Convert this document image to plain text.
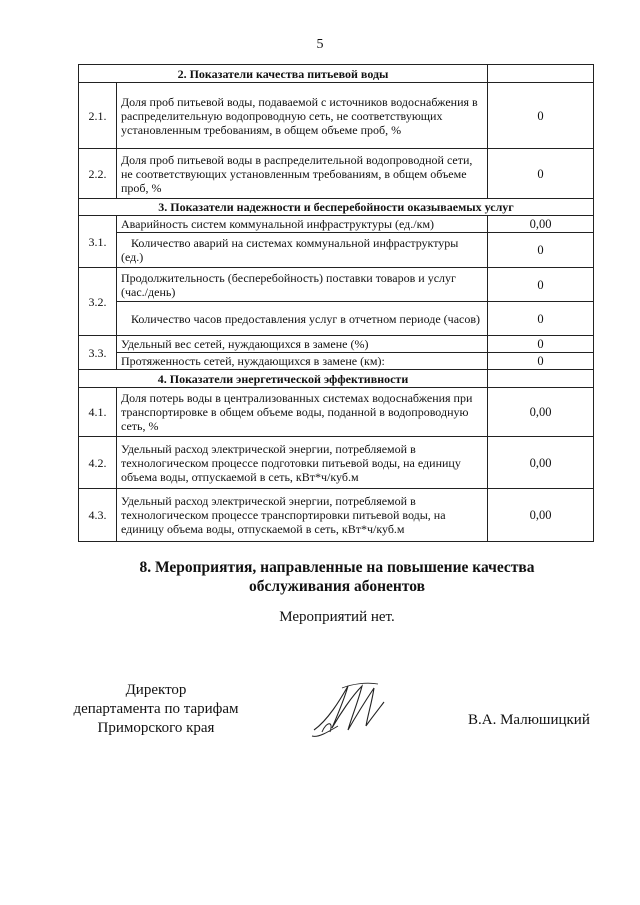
5
2. Показатели качества питьевой воды		
2.1.	Доля проб питьевой воды, подаваемой с источников водоснабжения в распределительную водопроводную сеть, не соответствующих установленным требованиям, в общем объеме проб, %	0
2.2.	Доля проб питьевой воды в распределительной водопроводной сети, не соответствующих установленным требованиям, в общем объеме проб, %	0
3. Показатели надежности и бесперебойности оказываемых услуг		
3.1.	Аварийность систем коммунальной инфраструктуры (ед./км)	0,00
	Количество аварий на системах коммунальной инфраструктуры (ед.)	0
3.2.	Продолжительность (бесперебойность) поставки товаров и услуг (час./день)	0
	Количество часов предоставления услуг в отчетном периоде (часов)	0
3.3.	Удельный вес сетей, нуждающихся в замене (%)	0
	Протяженность сетей, нуждающихся в замене (км):	0
4. Показатели энергетической эффективности		
4.1.	Доля потерь воды в централизованных системах водоснабжения при транспортировке в общем объеме воды, поданной в водопроводную сеть, %	0,00
4.2.	Удельный расход электрической энергии, потребляемой в технологическом процессе подготовки питьевой воды, на единицу объема воды, отпускаемой в сеть, кВт*ч/куб.м	0,00
4.3.	Удельный расход электрической энергии, потребляемой в технологическом процессе транспортировки питьевой воды, на единицу объема воды, отпускаемой в сеть, кВт*ч/куб.м	0,00
8. Мероприятия, направленные на повышение качества
обслуживания абонентов
Мероприятий нет.
Директор
департамента по тарифам
Приморского края	В.А. Малюшицкий
